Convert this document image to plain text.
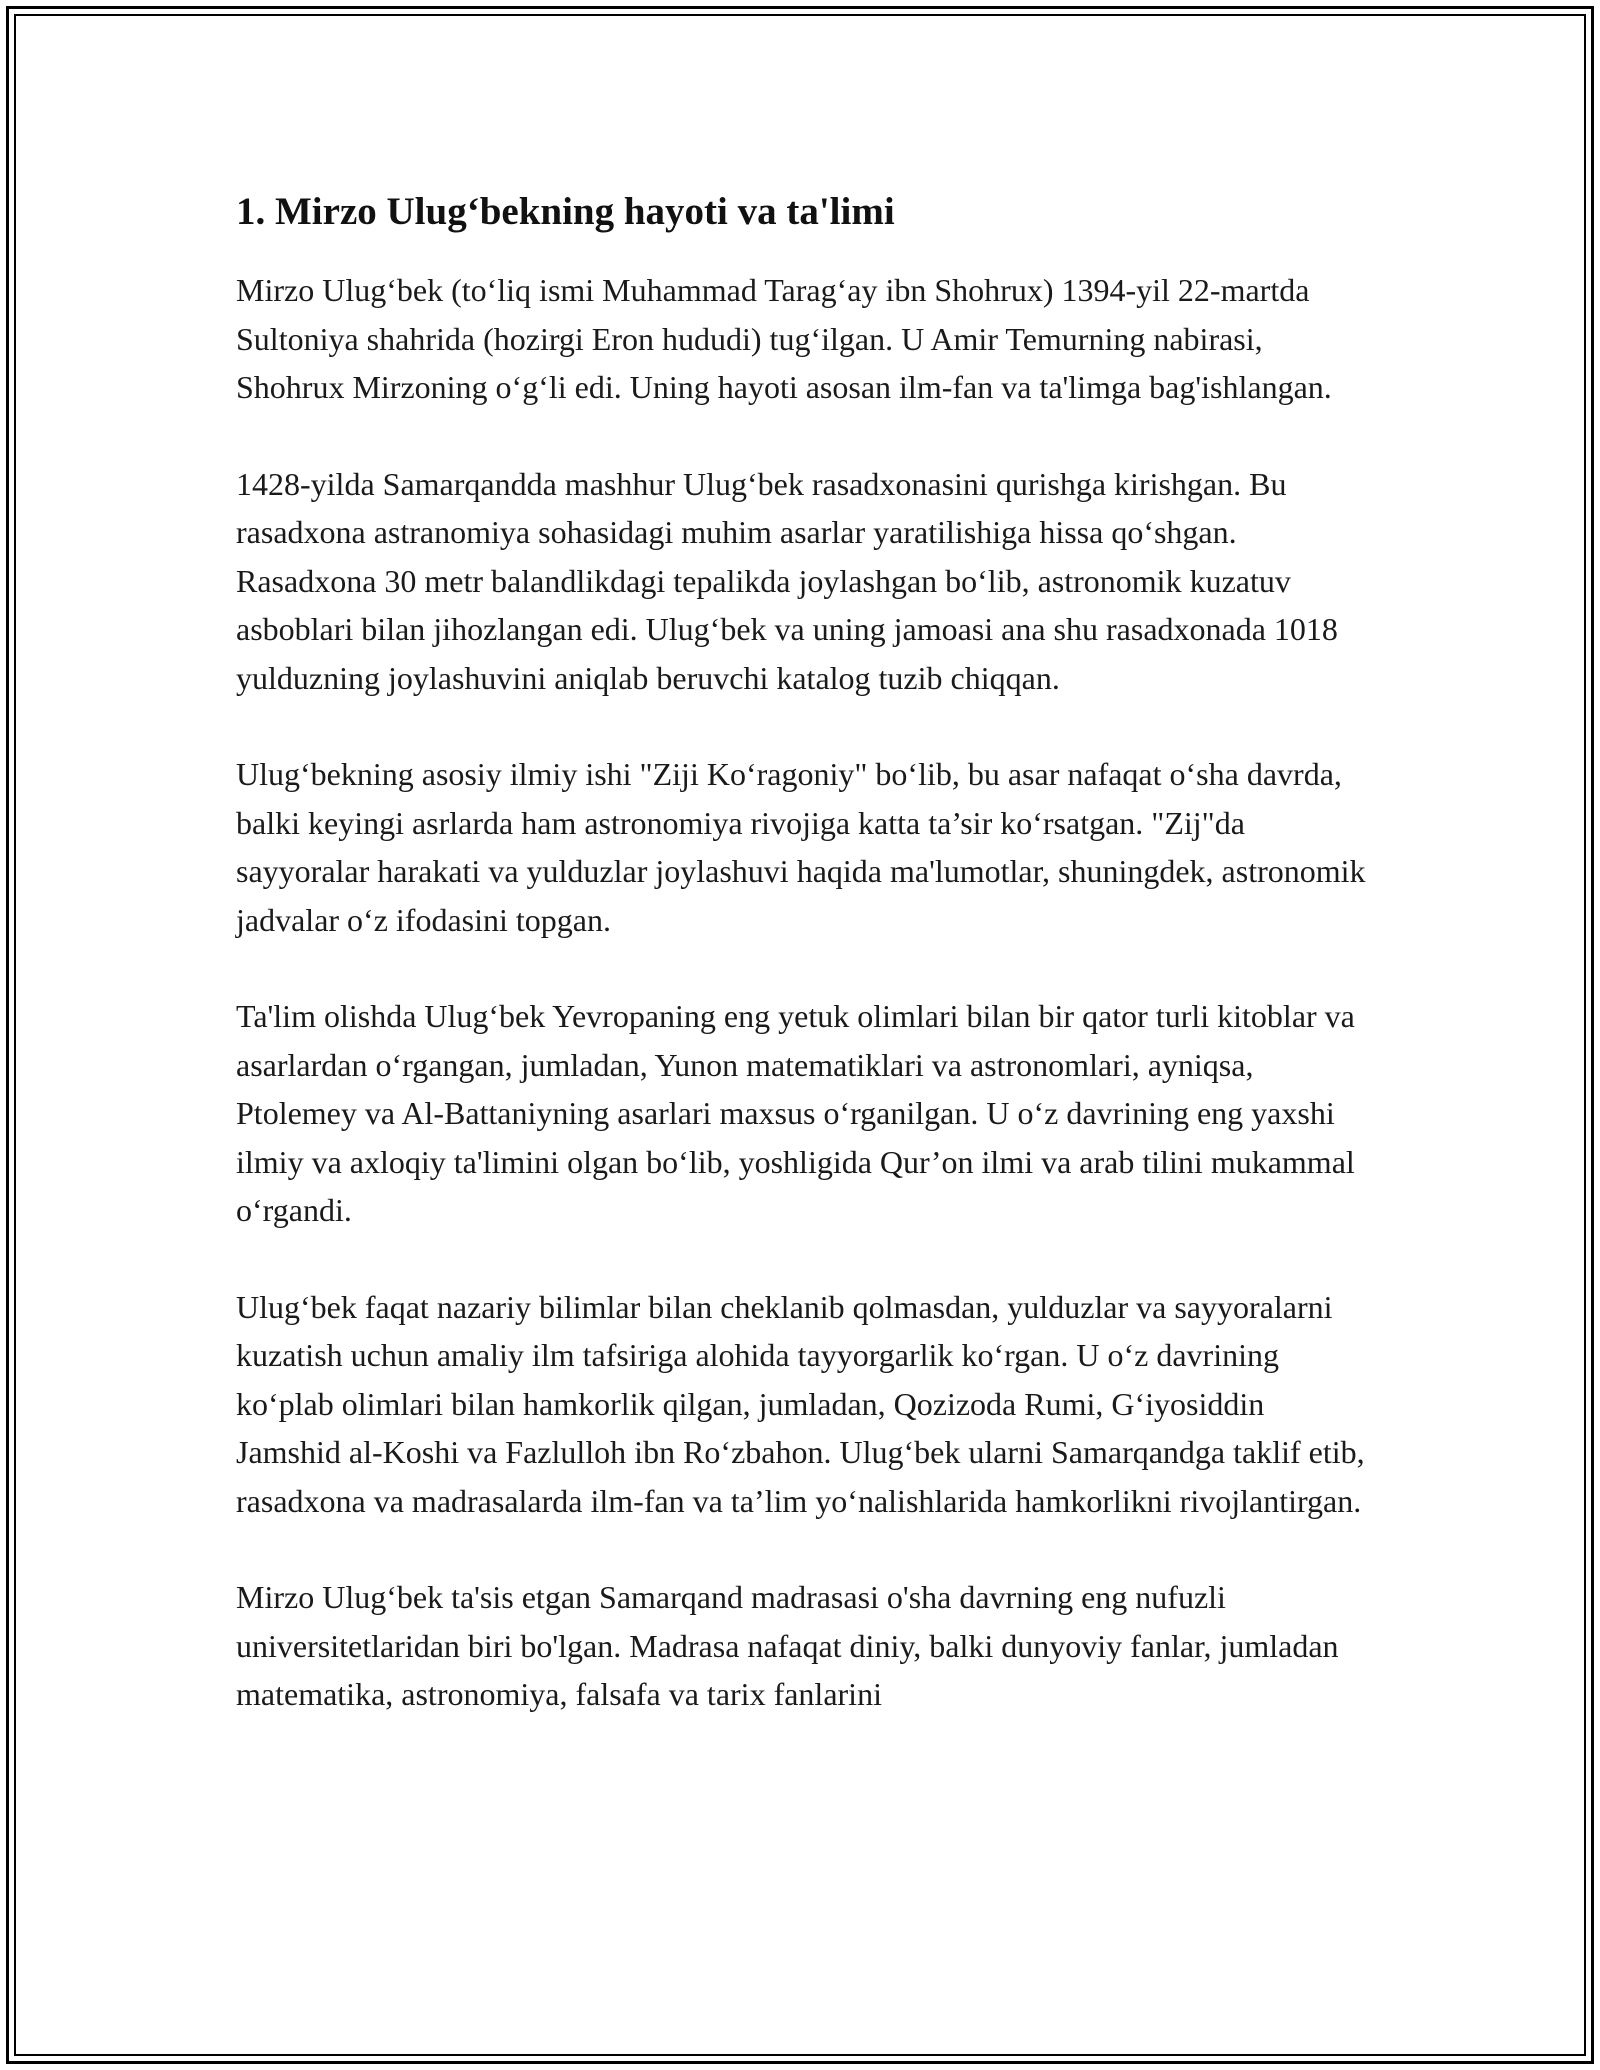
1. Mirzo Ulug‘bekning hayoti va ta'limi

Mirzo Ulug‘bek (to‘liq ismi Muhammad Tarag‘ay ibn Shohrux) 1394-yil 22-martda Sultoniya shahrida (hozirgi Eron hududi) tug‘ilgan. U Amir Temurning nabirasi, Shohrux Mirzoning o‘g‘li edi. Uning hayoti asosan ilm-fan va ta'limga bag'ishlangan.

1428-yilda Samarqandda mashhur Ulug‘bek rasadxonasini qurishga kirishgan. Bu rasadxona astranomiya sohasidagi muhim asarlar yaratilishiga hissa qo‘shgan. Rasadxona 30 metr balandlikdagi tepalikda joylashgan bo‘lib, astronomik kuzatuv asboblari bilan jihozlangan edi. Ulug‘bek va uning jamoasi ana shu rasadxonada 1018 yulduzning joylashuvini aniqlab beruvchi katalog tuzib chiqqan.

Ulug‘bekning asosiy ilmiy ishi "Ziji Ko‘ragoniy" bo‘lib, bu asar nafaqat o‘sha davrda, balki keyingi asrlarda ham astronomiya rivojiga katta ta’sir ko‘rsatgan. "Zij"da sayyoralar harakati va yulduzlar joylashuvi haqida ma'lumotlar, shuningdek, astronomik jadvalar o‘z ifodasini topgan.

Ta'lim olishda Ulug‘bek Yevropaning eng yetuk olimlari bilan bir qator turli kitoblar va asarlardan o‘rgangan, jumladan, Yunon matematiklari va astronomlari, ayniqsa, Ptolemey va Al-Battaniyning asarlari maxsus o‘rganilgan. U o‘z davrining eng yaxshi ilmiy va axloqiy ta'limini olgan bo‘lib, yoshligida Qur’on ilmi va arab tilini mukammal o‘rgandi.

Ulug‘bek faqat nazariy bilimlar bilan cheklanib qolmasdan, yulduzlar va sayyoralarni kuzatish uchun amaliy ilm tafsiriga alohida tayyorgarlik ko‘rgan. U o‘z davrining ko‘plab olimlari bilan hamkorlik qilgan, jumladan, Qozizoda Rumi, G‘iyosiddin Jamshid al-Koshi va Fazlulloh ibn Ro‘zbahon. Ulug‘bek ularni Samarqandga taklif etib, rasadxona va madrasalarda ilm-fan va ta’lim yo‘nalishlarida hamkorlikni rivojlantirgan.

Mirzo Ulug‘bek ta'sis etgan Samarqand madrasasi o'sha davrning eng nufuzli universitetlaridan biri bo'lgan. Madrasa nafaqat diniy, balki dunyoviy fanlar, jumladan matematika, astronomiya, falsafa va tarix fanlarini
